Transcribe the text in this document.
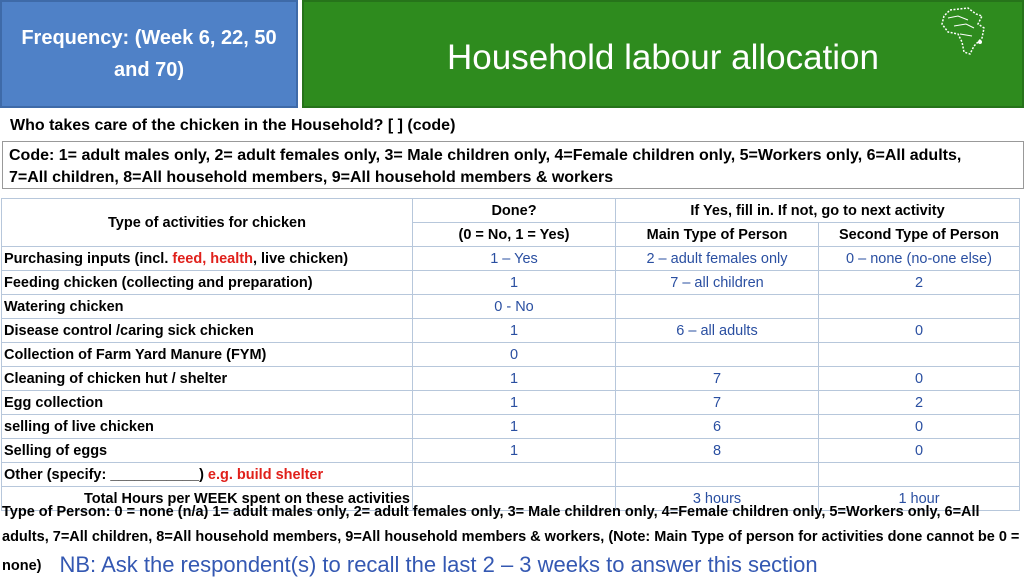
Frequency: (Week 6, 22, 50 and 70)	Household labour allocation
Who takes care of the chicken in the Household? [ ] (code)
Code: 1= adult males only, 2= adult females only, 3= Male children only, 4=Female children only, 5=Workers only, 6=All adults,
7=All children, 8=All household members, 9=All household members & workers
Type of activities for chicken	Done?	If Yes, fill in. If not, go to next activity	
	(0 = No, 1 = Yes)	Main Type of Person	Second Type of Person
Purchasing inputs (incl. feed, health, live chicken)	1 – Yes	2 – adult females only	0 – none (no-one else)
Feeding chicken (collecting and preparation)	1	7 – all children	2
Watering chicken	0 - No		
Disease control /caring sick chicken	1	6 – all adults	0
Collection of Farm Yard Manure (FYM)	0		
Cleaning of chicken hut / shelter	1	7	0
Egg collection	1	7	2
selling of live chicken	1	6	0
Selling of eggs	1	8	0
Other (specify: ___________) e.g. build shelter			
Total Hours per WEEK spent on these activities		3 hours	1 hour
Type of Person: 0 = none (n/a) 1= adult males only, 2= adult females only, 3= Male children only, 4=Female children only, 5=Workers only, 6=All adults, 7=All children, 8=All household members, 9=All household members & workers, (Note: Main Type of person for activities done cannot be 0 = none) NB: Ask the respondent(s) to recall the last 2 – 3 weeks to answer this section
